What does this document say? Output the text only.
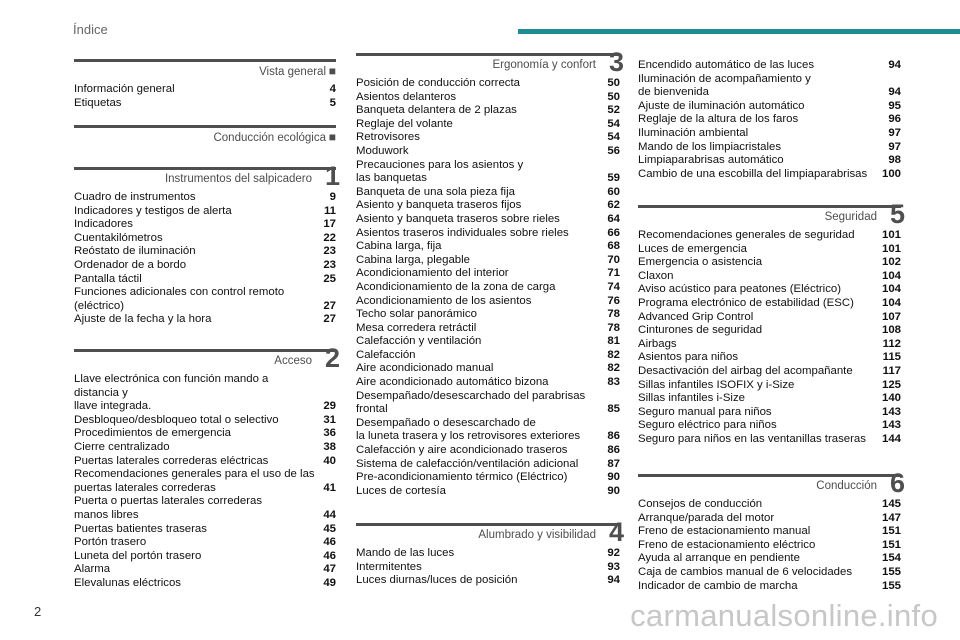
Índice
Vista general ■
Información general	4
Etiquetas	5
Conducción ecológica ■
Instrumentos del salpicadero 1
Cuadro de instrumentos	9
Indicadores y testigos de alerta	11
Indicadores	17
Cuentakilómetros	22
Reóstato de iluminación	23
Ordenador de a bordo	23
Pantalla táctil	25
Funciones adicionales con control remoto
(eléctrico)	27
Ajuste de la fecha y la hora	27
Acceso 2
Llave electrónica con función mando a distancia y
llave integrada.	29
Desbloqueo/desbloqueo total o selectivo	31
Procedimientos de emergencia	36
Cierre centralizado	38
Puertas laterales correderas eléctricas	40
Recomendaciones generales para el uso de las
puertas laterales correderas	41
Puerta o puertas laterales correderas
manos libres	44
Puertas batientes traseras	45
Portón trasero	46
Luneta del portón trasero	46
Alarma	47
Elevalunas eléctricos	49
Ergonomía y confort 3
Posición de conducción correcta	50
Asientos delanteros	50
Banqueta delantera de 2 plazas	52
Reglaje del volante	54
Retrovisores	54
Moduwork	56
Precauciones para los asientos y
las banquetas	59
Banqueta de una sola pieza fija	60
Asiento y banqueta traseros fijos	62
Asiento y banqueta traseros sobre rieles	64
Asientos traseros individuales sobre rieles	66
Cabina larga, fija	68
Cabina larga, plegable	70
Acondicionamiento del interior	71
Acondicionamiento de la zona de carga	74
Acondicionamiento de los asientos	76
Techo solar panorámico	78
Mesa corredera retráctil	78
Calefacción y ventilación	81
Calefacción	82
Aire acondicionado manual	82
Aire acondicionado automático bizona	83
Desempañado/desescarchado del parabrisas
frontal	85
Desempañado o desescarchado de
la luneta trasera y los retrovisores exteriores	86
Calefacción y aire acondicionado traseros	86
Sistema de calefacción/ventilación adicional	87
Pre-acondicionamiento térmico (Eléctrico)	90
Luces de cortesía	90
Alumbrado y visibilidad 4
Mando de las luces	92
Intermitentes	93
Luces diurnas/luces de posición	94
Encendido automático de las luces	94
Iluminación de acompañamiento y
de bienvenida	94
Ajuste de iluminación automático	95
Reglaje de la altura de los faros	96
Iluminación ambiental	97
Mando de los limpiacristales	97
Limpiaparabrisas automático	98
Cambio de una escobilla del limpiaparabrisas	100
Seguridad 5
Recomendaciones generales de seguridad	101
Luces de emergencia	101
Emergencia o asistencia	102
Claxon	104
Aviso acústico para peatones (Eléctrico)	104
Programa electrónico de estabilidad (ESC)	104
Advanced Grip Control	107
Cinturones de seguridad	108
Airbags	112
Asientos para niños	115
Desactivación del airbag del acompañante	117
Sillas infantiles ISOFIX y i-Size	125
Sillas infantiles i-Size	140
Seguro manual para niños	143
Seguro eléctrico para niños	143
Seguro para niños en las ventanillas traseras	144
Conducción 6
Consejos de conducción	145
Arranque/parada del motor	147
Freno de estacionamiento manual	151
Freno de estacionamiento eléctrico	151
Ayuda al arranque en pendiente	154
Caja de cambios manual de 6 velocidades	155
Indicador de cambio de marcha	155
2	carmanualsonline.info
